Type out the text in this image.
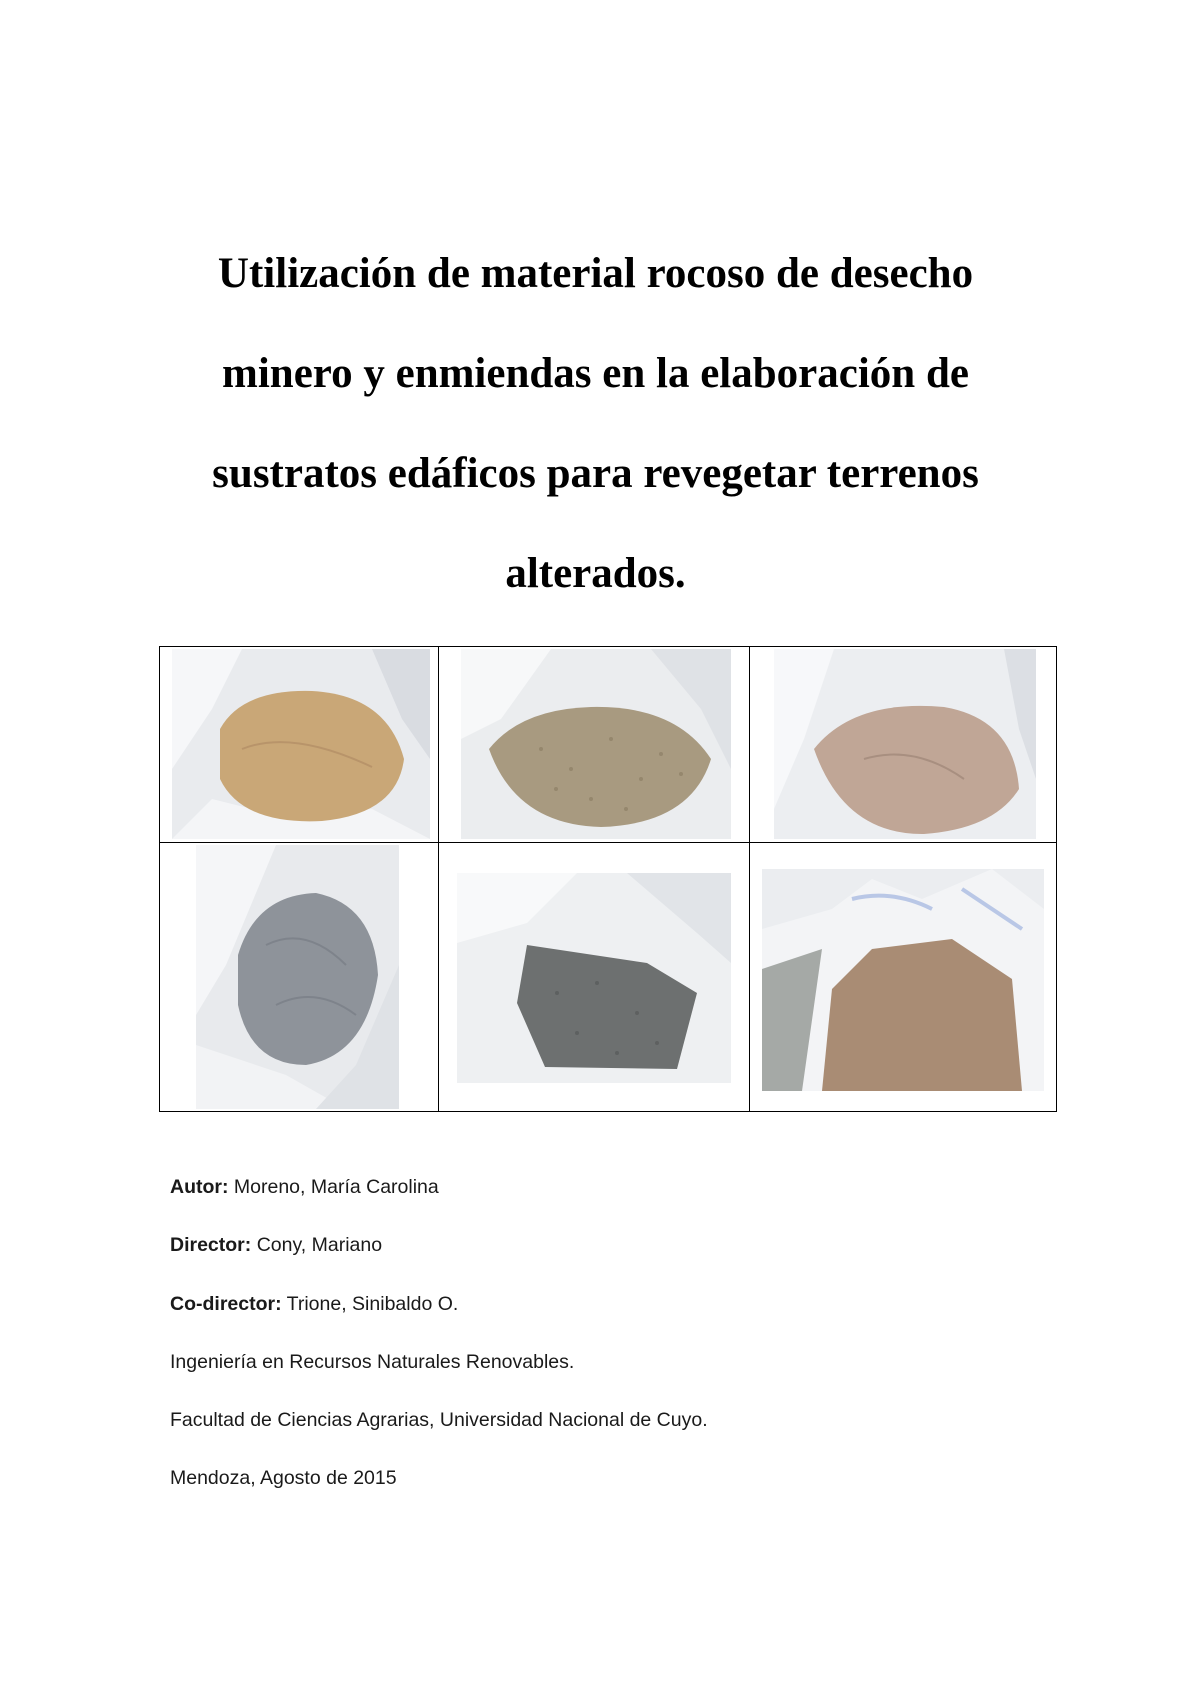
Utilización de material rocoso de desecho
minero y enmiendas en la elaboración de
sustratos edáficos para revegetar terrenos
alterados.
Autor: Moreno, María Carolina
Director: Cony, Mariano
Co-director: Trione, Sinibaldo O.
Ingeniería en Recursos Naturales Renovables.
Facultad de Ciencias Agrarias, Universidad Nacional de Cuyo.
Mendoza, Agosto de 2015
